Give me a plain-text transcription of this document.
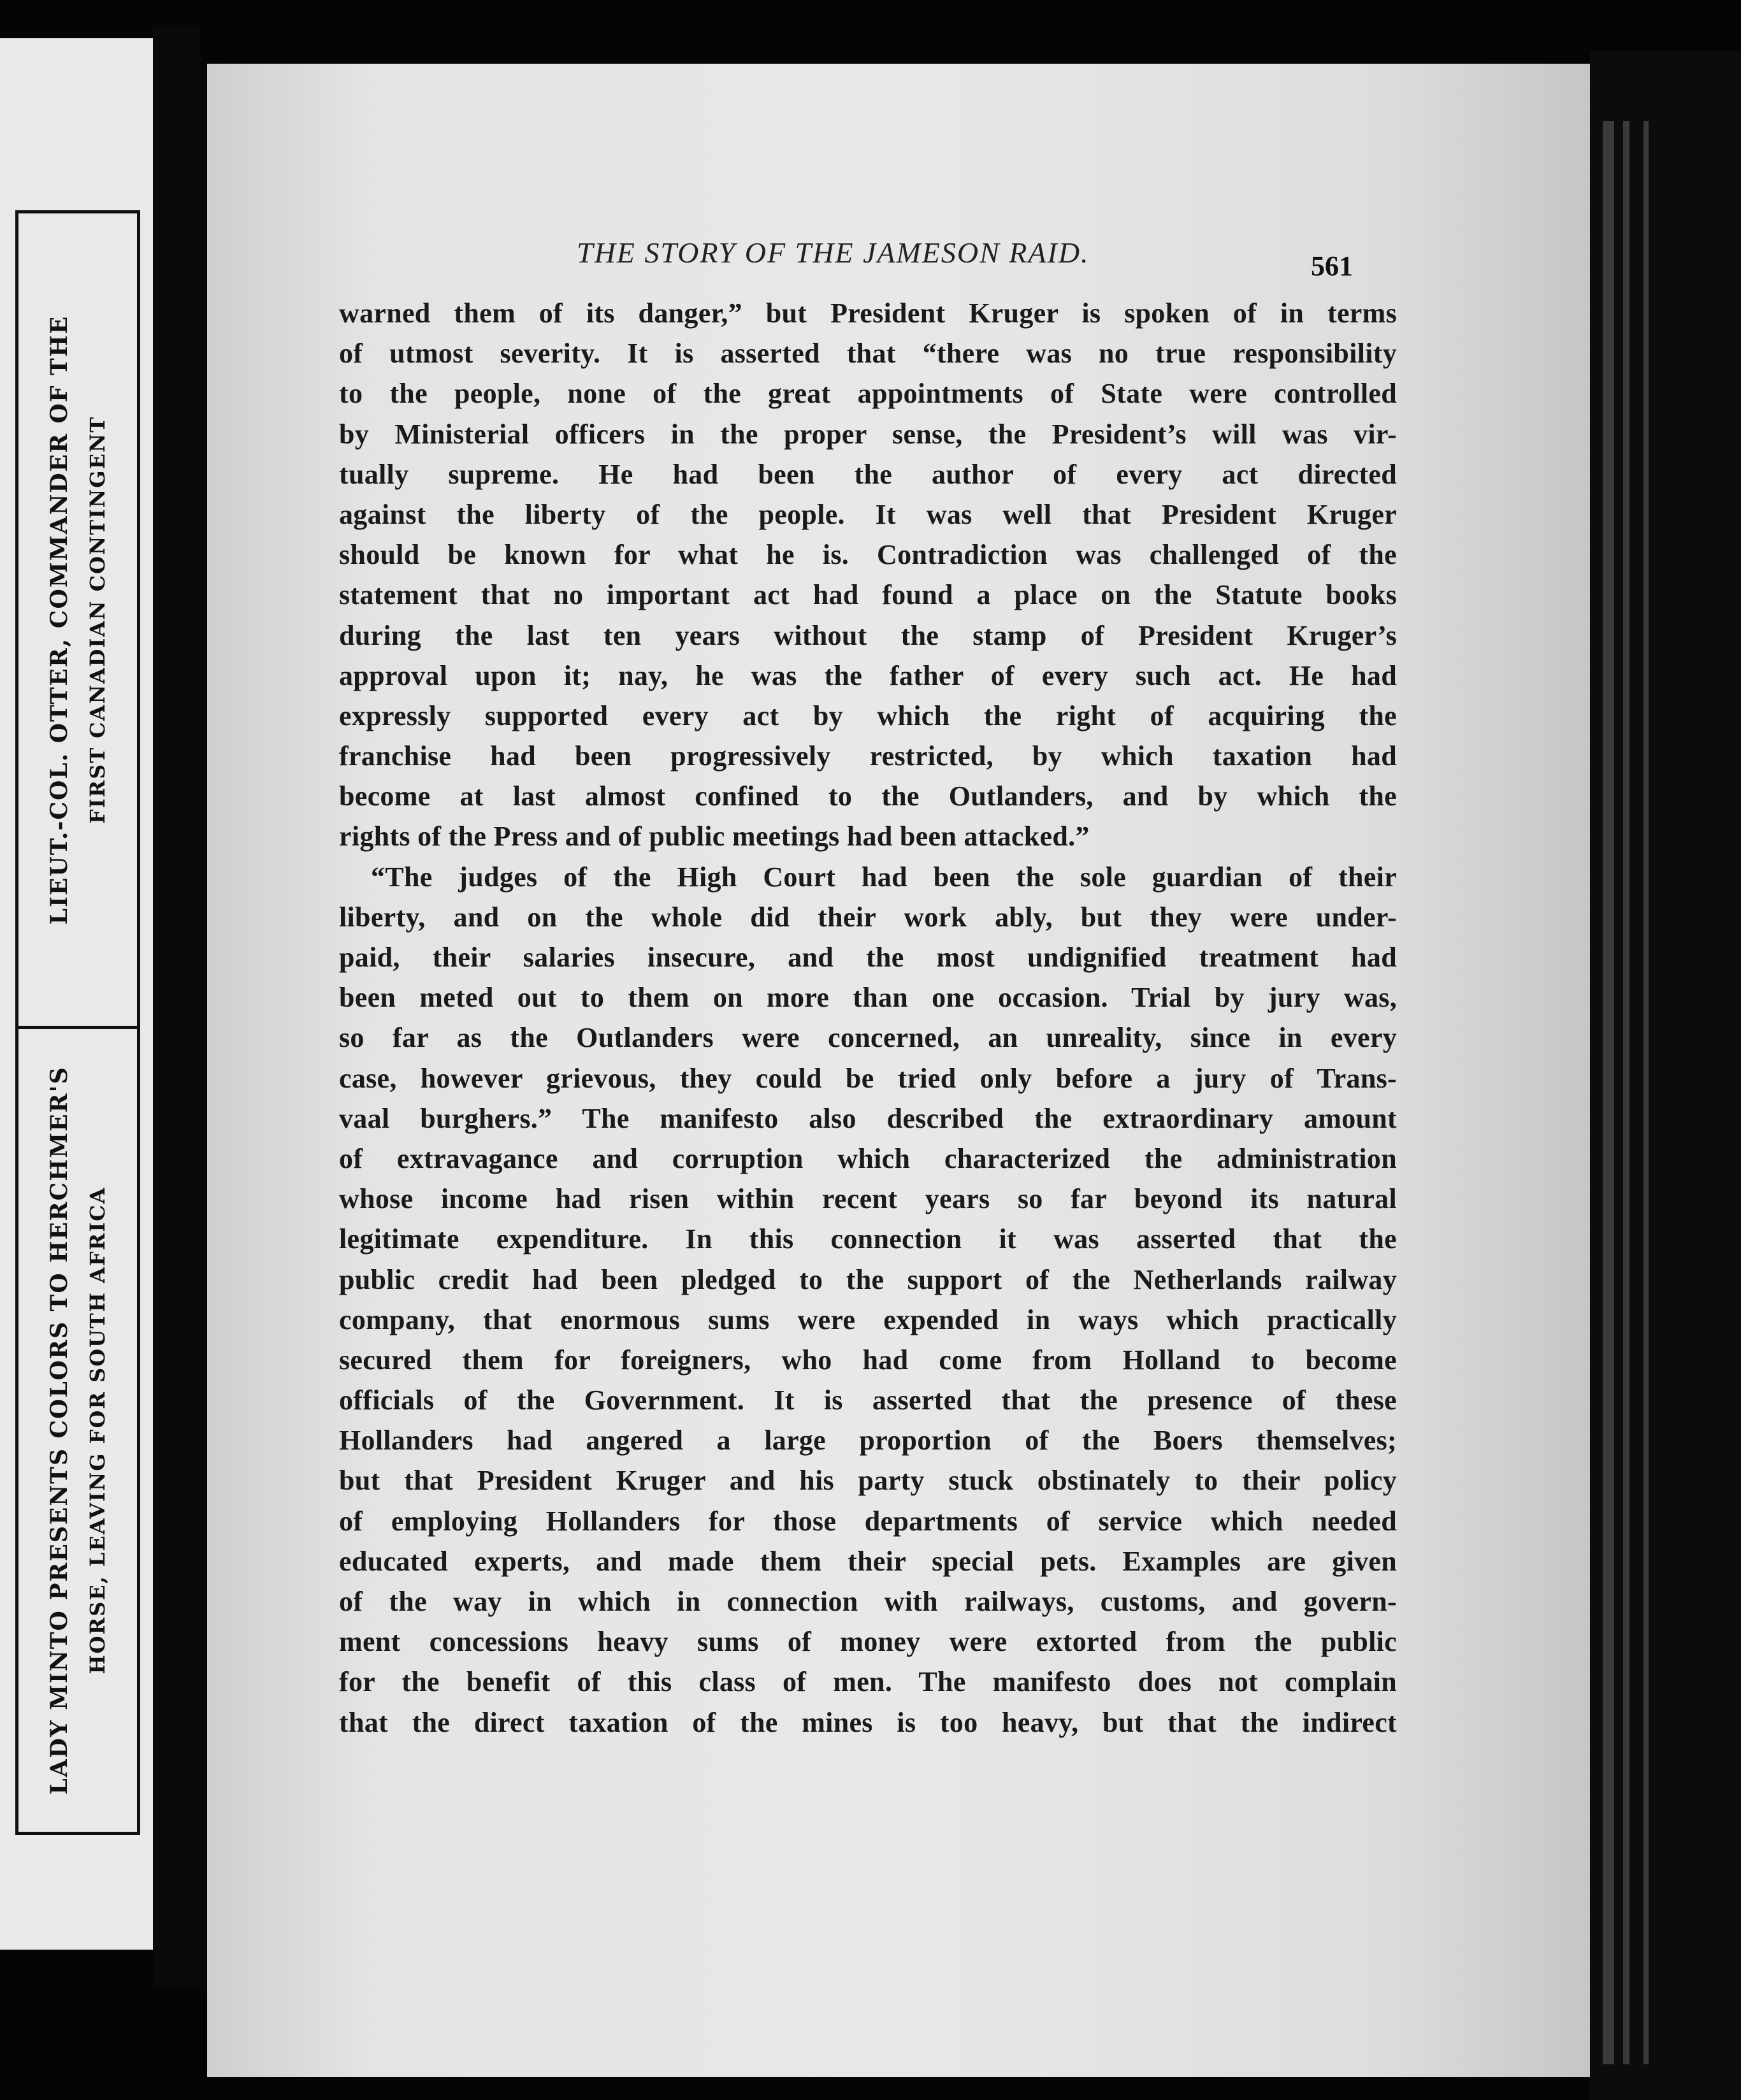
LIEUT.-COL. OTTER, COMMANDER OF THE FIRST CANADIAN CONTINGENT
LADY MINTO PRESENTS COLORS TO HERCHMER'S HORSE, LEAVING FOR SOUTH AFRICA
THE STORY OF THE JAMESON RAID.	561
warned them of its danger,” but President Kruger is spoken of in terms
of utmost severity. It is asserted that “there was no true responsibility
to the people, none of the great appointments of State were controlled
by Ministerial officers in the proper sense, the President’s will was vir-
tually supreme. He had been the author of every act directed
against the liberty of the people. It was well that President Kruger
should be known for what he is. Contradiction was challenged of the
statement that no important act had found a place on the Statute books
during the last ten years without the stamp of President Kruger’s
approval upon it; nay, he was the father of every such act. He had
expressly supported every act by which the right of acquiring the
franchise had been progressively restricted, by which taxation had
become at last almost confined to the Outlanders, and by which the
rights of the Press and of public meetings had been attacked.”
“The judges of the High Court had been the sole guardian of their
liberty, and on the whole did their work ably, but they were under-
paid, their salaries insecure, and the most undignified treatment had
been meted out to them on more than one occasion. Trial by jury was,
so far as the Outlanders were concerned, an unreality, since in every
case, however grievous, they could be tried only before a jury of Trans-
vaal burghers.” The manifesto also described the extraordinary amount
of extravagance and corruption which characterized the administration
whose income had risen within recent years so far beyond its natural
legitimate expenditure. In this connection it was asserted that the
public credit had been pledged to the support of the Netherlands railway
company, that enormous sums were expended in ways which practically
secured them for foreigners, who had come from Holland to become
officials of the Government. It is asserted that the presence of these
Hollanders had angered a large proportion of the Boers themselves;
but that President Kruger and his party stuck obstinately to their policy
of employing Hollanders for those departments of service which needed
educated experts, and made them their special pets. Examples are given
of the way in which in connection with railways, customs, and govern-
ment concessions heavy sums of money were extorted from the public
for the benefit of this class of men. The manifesto does not complain
that the direct taxation of the mines is too heavy, but that the indirect
